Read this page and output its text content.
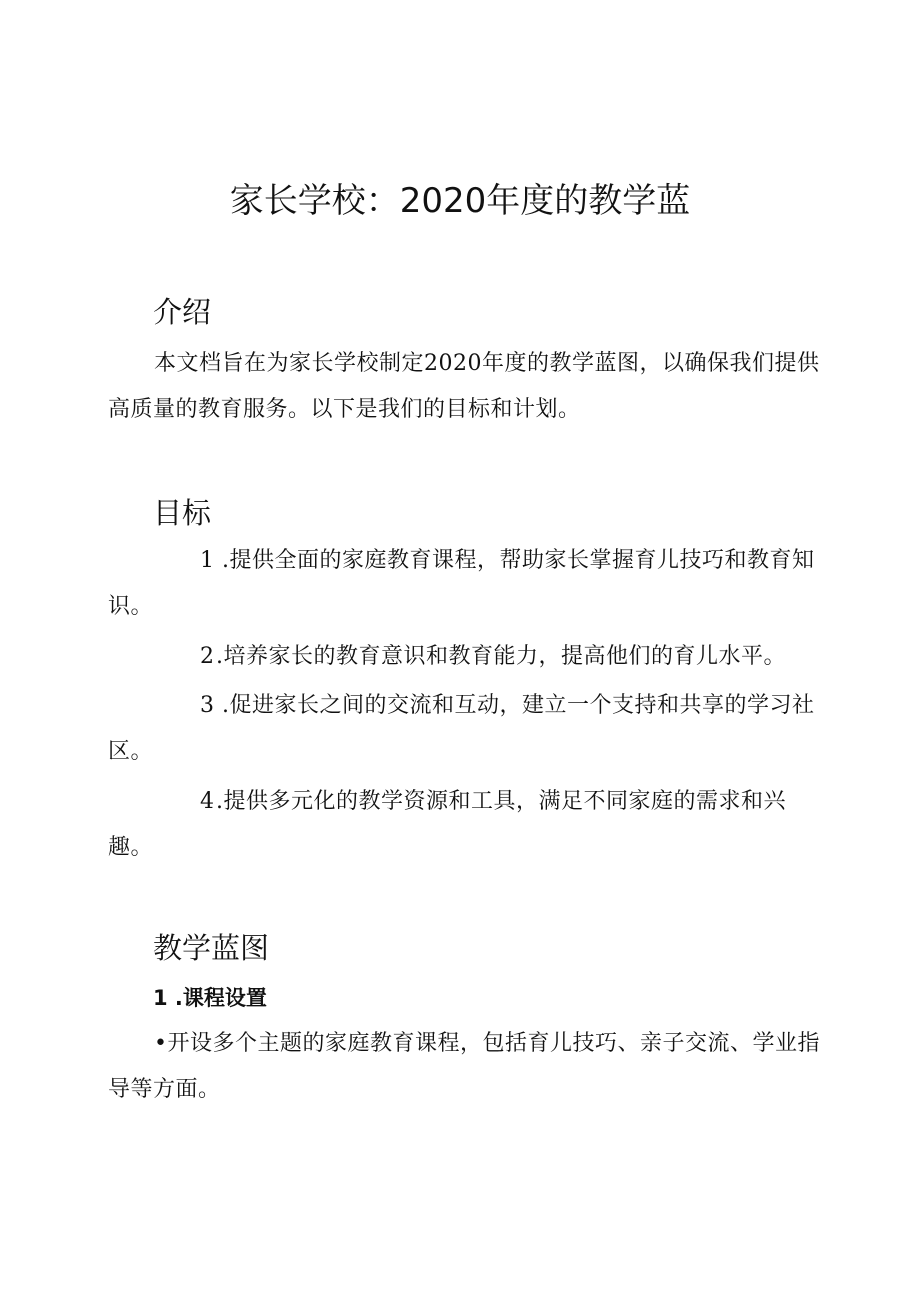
家长学校：2020年度的教学蓝
介绍
本文档旨在为家长学校制定2020年度的教学蓝图，以确保我们提供高质量的教育服务。以下是我们的目标和计划。
目标
1 .提供全面的家庭教育课程，帮助家长掌握育儿技巧和教育知识。
2.培养家长的教育意识和教育能力，提高他们的育儿水平。
3 .促进家长之间的交流和互动，建立一个支持和共享的学习社区。
4.提供多元化的教学资源和工具，满足不同家庭的需求和兴趣。
教学蓝图
1 .课程设置
•开设多个主题的家庭教育课程，包括育儿技巧、亲子交流、学业指导等方面。
